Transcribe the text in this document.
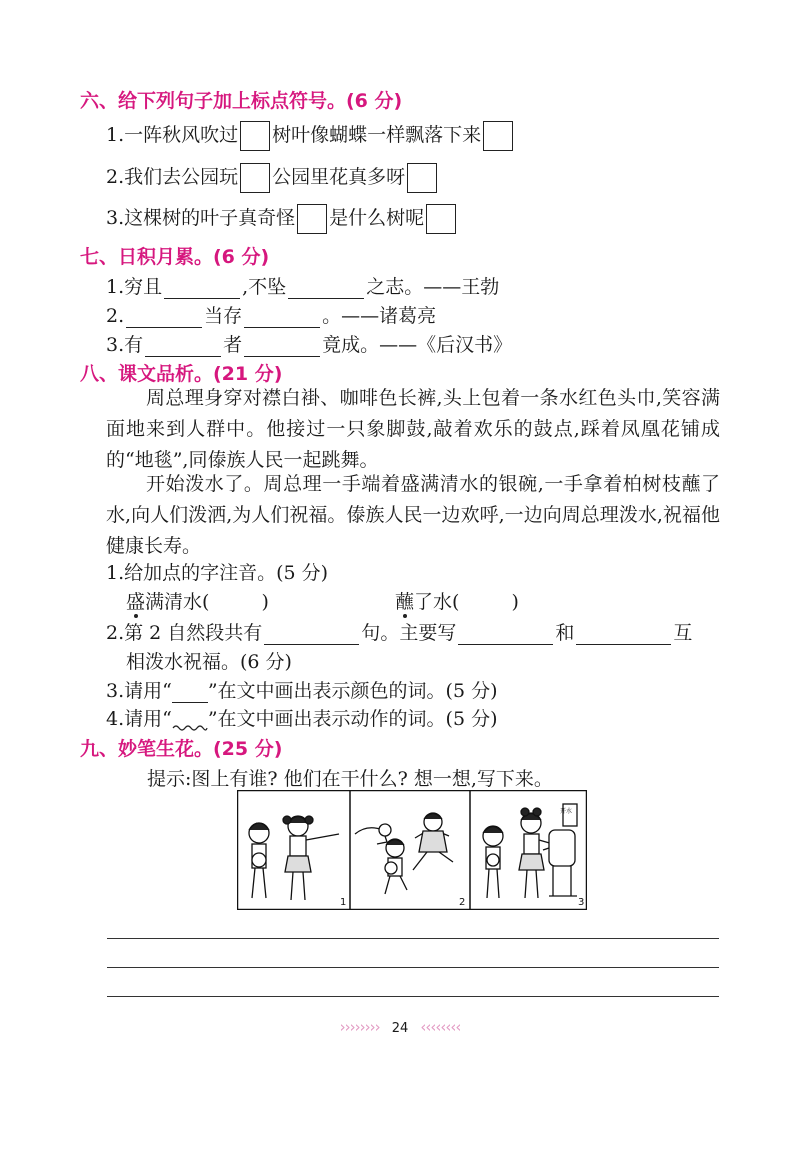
六、给下列句子加上标点符号。(6 分)
1.一阵秋风吹过 树叶像蝴蝶一样飘落下来
2.我们去公园玩 公园里花真多呀
3.这棵树的叶子真奇怪 是什么树呢
七、日积月累。(6 分)
1.穷且	,不坠	之志。——王勃
2.	当存	。——诸葛亮
3.有	者	竟成。——《后汉书》
八、课文品析。(21 分)
周总理身穿对襟白褂、咖啡色长裤,头上包着一条水红色头巾,笑容满面地来到人群中。他接过一只象脚鼓,敲着欢乐的鼓点,踩着凤凰花铺成的“地毯”,同傣族人民一起跳舞。
开始泼水了。周总理一手端着盛满清水的银碗,一手拿着柏树枝蘸了水,向人们泼洒,为人们祝福。傣族人民一边欢呼,一边向周总理泼水,祝福他健康长寿。
1.给加点的字注音。(5 分)
盛满清水(	)	蘸了水(	)
2.第 2 自然段共有	句。主要写	和	互
相泼水祝福。(6 分)
3.请用“ ”在文中画出表示颜色的词。(5 分)
4.请用“ ”在文中画出表示动作的词。(5 分)
九、妙笔生花。(25 分)
提示:图上有谁? 他们在干什么? 想一想,写下来。
开水
1	2	3
›››››››› 24 ‹‹‹‹‹‹‹‹
